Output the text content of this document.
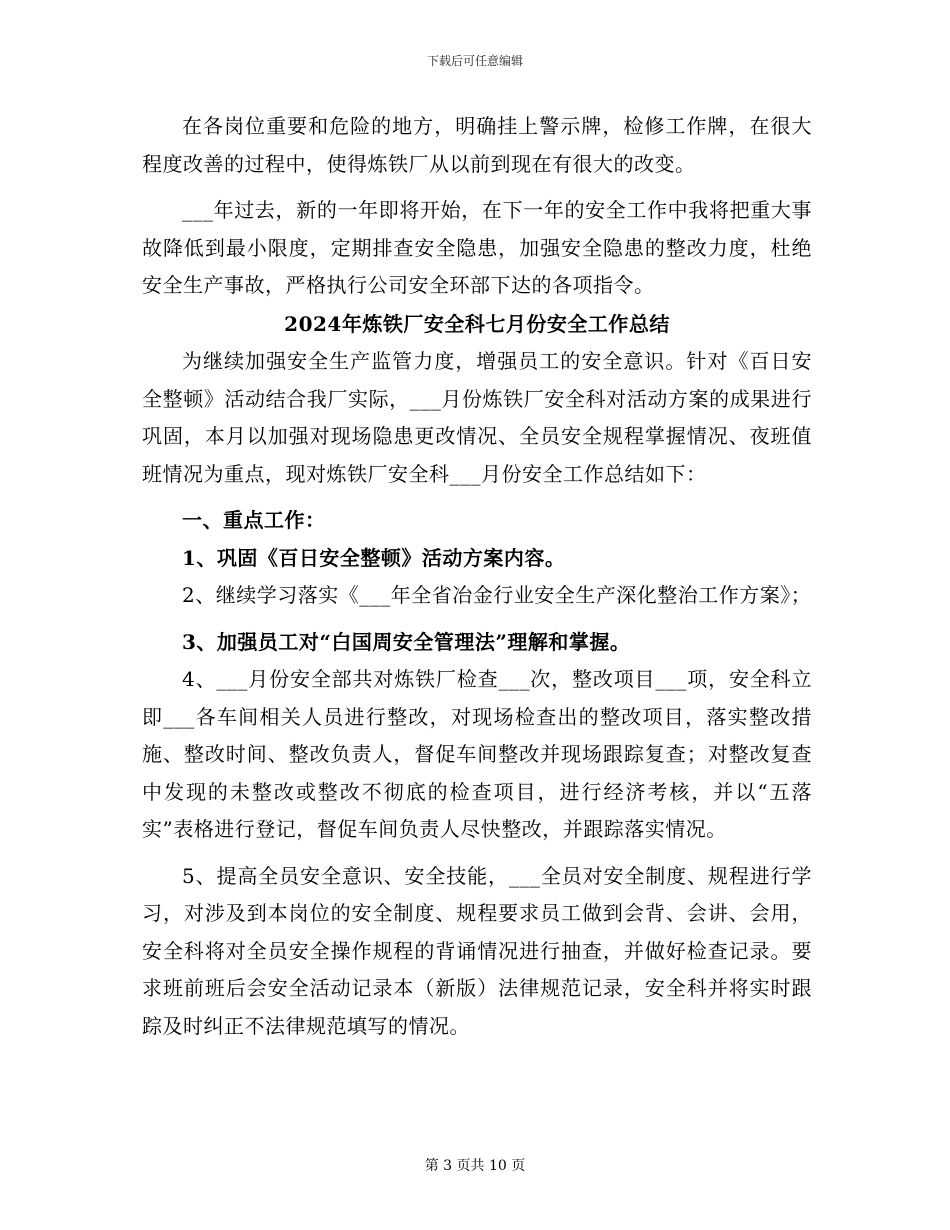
下载后可任意编辑

在各岗位重要和危险的地方，明确挂上警示牌，检修工作牌，在很大程度改善的过程中，使得炼铁厂从以前到现在有很大的改变。

___年过去，新的一年即将开始，在下一年的安全工作中我将把重大事故降低到最小限度，定期排查安全隐患，加强安全隐患的整改力度，杜绝安全生产事故，严格执行公司安全环部下达的各项指令。

2024年炼铁厂安全科七月份安全工作总结

为继续加强安全生产监管力度，增强员工的安全意识。针对《百日安全整顿》活动结合我厂实际，___月份炼铁厂安全科对活动方案的成果进行巩固，本月以加强对现场隐患更改情况、全员安全规程掌握情况、夜班值班情况为重点，现对炼铁厂安全科___月份安全工作总结如下：

一、重点工作：

1、巩固《百日安全整顿》活动方案内容。

2、继续学习落实《___年全省冶金行业安全生产深化整治工作方案》；

3、加强员工对“白国周安全管理法”理解和掌握。

4、___月份安全部共对炼铁厂检查___次，整改项目___项，安全科立即___各车间相关人员进行整改，对现场检查出的整改项目，落实整改措施、整改时间、整改负责人，督促车间整改并现场跟踪复查；对整改复查中发现的未整改或整改不彻底的检查项目，进行经济考核，并以“五落实”表格进行登记，督促车间负责人尽快整改，并跟踪落实情况。

5、提高全员安全意识、安全技能，___全员对安全制度、规程进行学习，对涉及到本岗位的安全制度、规程要求员工做到会背、会讲、会用，安全科将对全员安全操作规程的背诵情况进行抽查，并做好检查记录。要求班前班后会安全活动记录本（新版）法律规范记录，安全科并将实时跟踪及时纠正不法律规范填写的情况。

第 3 页共 10 页
